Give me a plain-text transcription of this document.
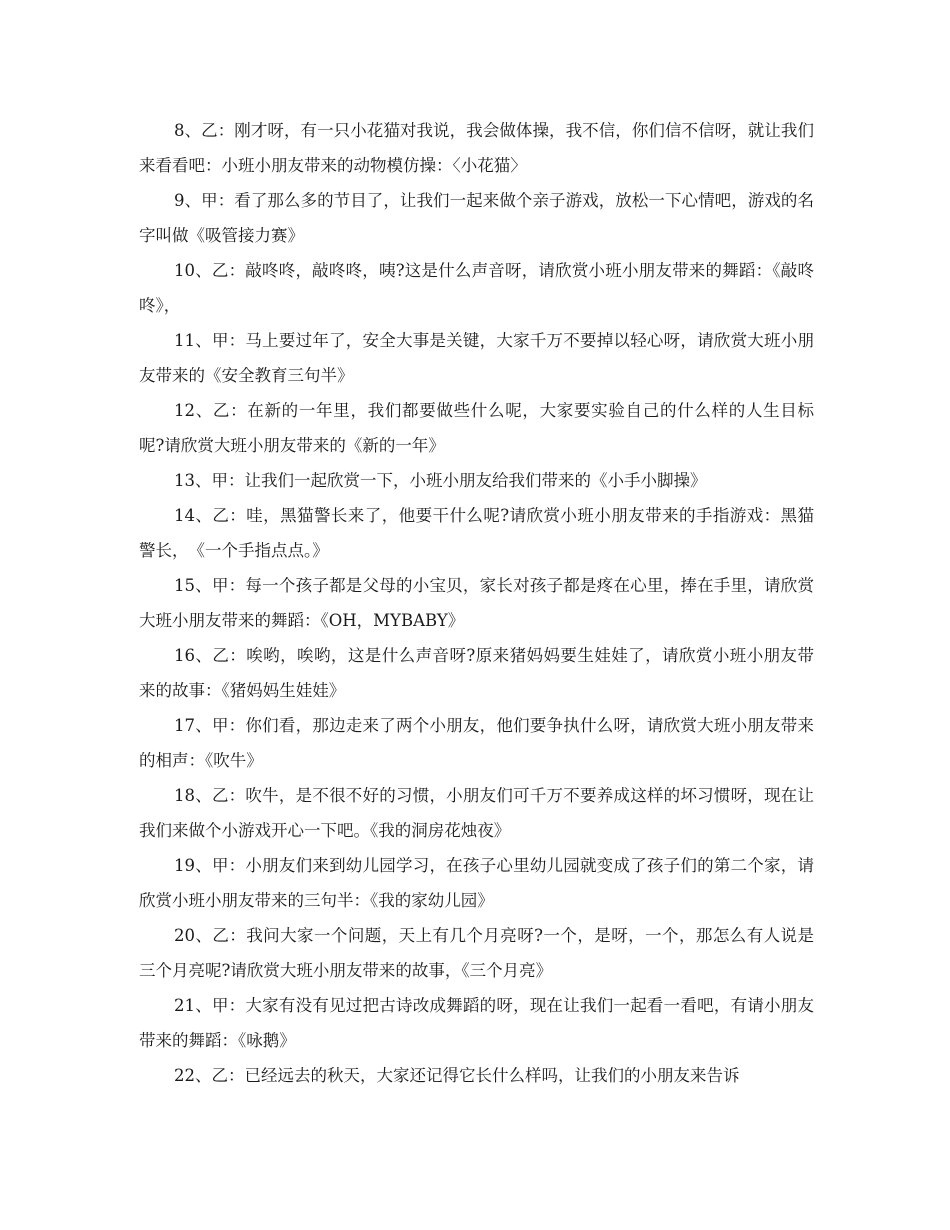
8、乙：刚才呀，有一只小花猫对我说，我会做体操，我不信，你们信不信呀，就让我们来看看吧：小班小朋友带来的动物模仿操：〈小花猫〉

9、甲：看了那么多的节目了，让我们一起来做个亲子游戏，放松一下心情吧，游戏的名字叫做《吸管接力赛》

10、乙：敲咚咚，敲咚咚，咦?这是什么声音呀，请欣赏小班小朋友带来的舞蹈：《敲咚咚》，

11、甲：马上要过年了，安全大事是关键，大家千万不要掉以轻心呀，请欣赏大班小朋友带来的《安全教育三句半》

12、乙：在新的一年里，我们都要做些什么呢，大家要实验自己的什么样的人生目标呢?请欣赏大班小朋友带来的《新的一年》

13、甲：让我们一起欣赏一下，小班小朋友给我们带来的《小手小脚操》

14、乙：哇，黑猫警长来了，他要干什么呢?请欣赏小班小朋友带来的手指游戏：黑猫警长，　《一个手指点点。》

15、甲：每一个孩子都是父母的小宝贝，家长对孩子都是疼在心里，捧在手里，请欣赏大班小朋友带来的舞蹈：《OH，MYBABY》

16、乙：唉哟，唉哟，这是什么声音呀?原来猪妈妈要生娃娃了，请欣赏小班小朋友带来的故事：《猪妈妈生娃娃》

17、甲：你们看，那边走来了两个小朋友，他们要争执什么呀，请欣赏大班小朋友带来的相声：《吹牛》

18、乙：吹牛，是不很不好的习惯，小朋友们可千万不要养成这样的坏习惯呀，现在让我们来做个小游戏开心一下吧。《我的洞房花烛夜》

19、甲：小朋友们来到幼儿园学习，在孩子心里幼儿园就变成了孩子们的第二个家，请欣赏小班小朋友带来的三句半：《我的家幼儿园》

20、乙：我问大家一个问题，天上有几个月亮呀?一个，是呀，一个，那怎么有人说是三个月亮呢?请欣赏大班小朋友带来的故事，《三个月亮》

21、甲：大家有没有见过把古诗改成舞蹈的呀，现在让我们一起看一看吧，有请小朋友带来的舞蹈：《咏鹅》

22、乙：已经远去的秋天，大家还记得它长什么样吗，让我们的小朋友来告诉
